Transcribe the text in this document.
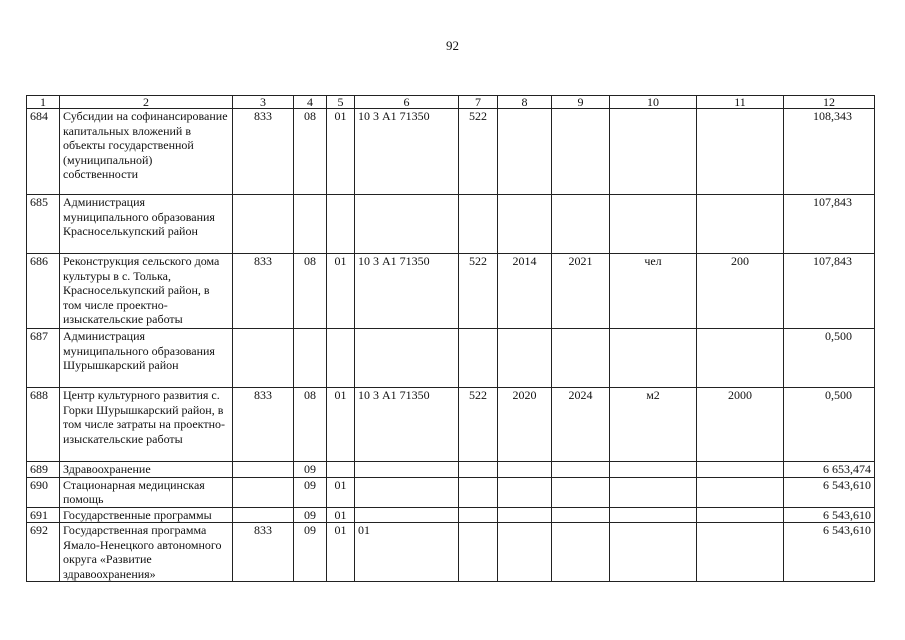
92
1	2	3	4	5	6	7	8	9	10	11	12
684	Субсидии на софинансирование капитальных вложений в объекты государственной (муниципальной) собственности	833	08	01	10 3 А1 71350	522					108,343
685	Администрация муниципального образования Красноселькупский район										107,843
686	Реконструкция сельского дома культуры в с. Толька, Красноселькупский район, в том числе проектно-изыскательские работы	833	08	01	10 3 А1 71350	522	2014	2021	чел	200	107,843
687	Администрация муниципального образования Шурышкарский район										0,500
688	Центр культурного развития с. Горки Шурышкарский район, в том числе затраты на проектно-изыскательские работы	833	08	01	10 3 А1 71350	522	2020	2024	м2	2000	0,500
689	Здравоохранение		09								6 653,474
690	Стационарная медицинская помощь		09	01							6 543,610
691	Государственные программы		09	01							6 543,610
692	Государственная программа Ямало-Ненецкого автономного округа «Развитие здравоохранения»	833	09	01	01						6 543,610
